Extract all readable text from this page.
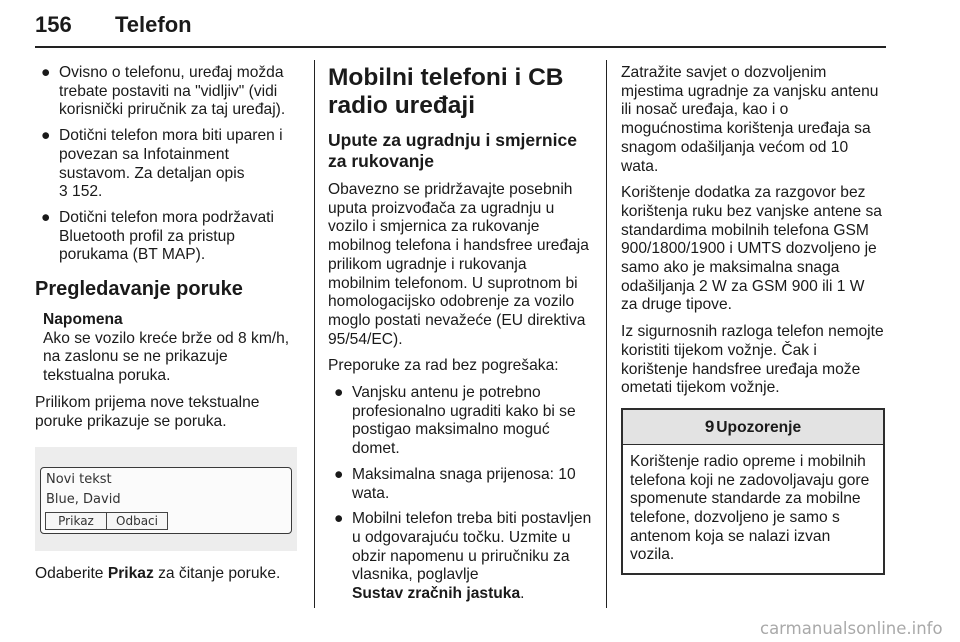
156 Telefon
● Ovisno o telefonu, uređaj možda trebate postaviti na "vidljiv" (vidi korisnički priručnik za taj uređaj).
● Dotični telefon mora biti uparen i povezan sa Infotainment sustavom. Za detaljan opis
3 152.
● Dotični telefon mora podržavati Bluetooth profil za pristup porukama (BT MAP).
Pregledavanje poruke
Napomena
Ako se vozilo kreće brže od 8 km/h, na zaslonu se ne prikazuje tekstualna poruka.

Prilikom prijema nove tekstualne poruke prikazuje se poruka.

Novi tekst
Blue, David
Prikaz	Odbaci

Odaberite Prikaz za čitanje poruke.

Mobilni telefoni i CB radio uređaji
Upute za ugradnju i smjernice za rukovanje

Obavezno se pridržavajte posebnih uputa proizvođača za ugradnju u vozilo i smjernica za rukovanje mobilnog telefona i handsfree uređaja prilikom ugradnje i rukovanja mobilnim telefonom. U suprotnom bi homologacijsko odobrenje za vozilo moglo postati nevažeće (EU direktiva 95/54/EC).

Preporuke za rad bez pogrešaka:

● Vanjsku antenu je potrebno profesionalno ugraditi kako bi se postigao maksimalno moguć domet.
● Maksimalna snaga prijenosa: 10 wata.
● Mobilni telefon treba biti postavljen u odgovarajuću točku. Uzmite u obzir napomenu u priručniku za vlasnika, poglavlje
Sustav zračnih jastuka.

Zatražite savjet o dozvoljenim mjestima ugradnje za vanjsku antenu ili nosač uređaja, kao i o mogućnostima korištenja uređaja sa snagom odašiljanja većom od 10 wata.

Korištenje dodatka za razgovor bez korištenja ruku bez vanjske antene sa standardima mobilnih telefona GSM 900/1800/1900 i UMTS dozvoljeno je samo ako je maksimalna snaga odašiljanja 2 W za GSM 900 ili 1 W za druge tipove.

Iz sigurnosnih razloga telefon nemojte koristiti tijekom vožnje. Čak i korištenje handsfree uređaja može ometati tijekom vožnje.

9 Upozorenje
Korištenje radio opreme i mobilnih telefona koji ne zadovoljavaju gore spomenute standarde za mobilne telefone, dozvoljeno je samo s antenom koja se nalazi izvan vozila.
carmanualsonline.info
